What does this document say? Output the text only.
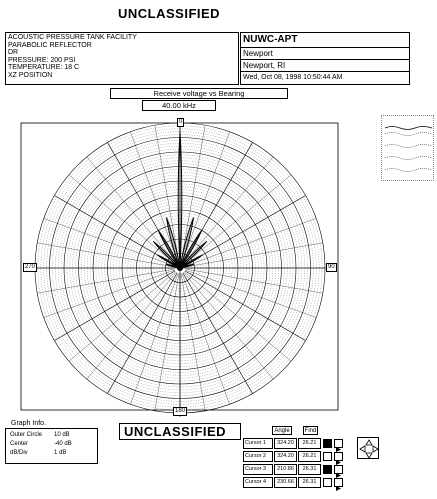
UNCLASSIFIED
ACOUSTIC PRESSURE TANK FACILITY
PARABOLIC REFLECTOR
DR
PRESSURE: 200 PSI
TEMPERATURE: 18 C
XZ POSITION
NUWC-APT
Newport
Newport, RI
Wed, Oct 08, 1998 10:50:44 AM
Receive voltage vs Bearing
40.00 kHz
0
90
180
270
Graph Info.
Outer Circle 10 dB
Center	-40 dB
dB/Div	1 dB
UNCLASSIFIED	Angle	Find
Cursor 1	324.20	26.21
Cursor 2	324.20	26.21
Cursor 3	210.86	26.31
Cursor 4	230.66	26.31
